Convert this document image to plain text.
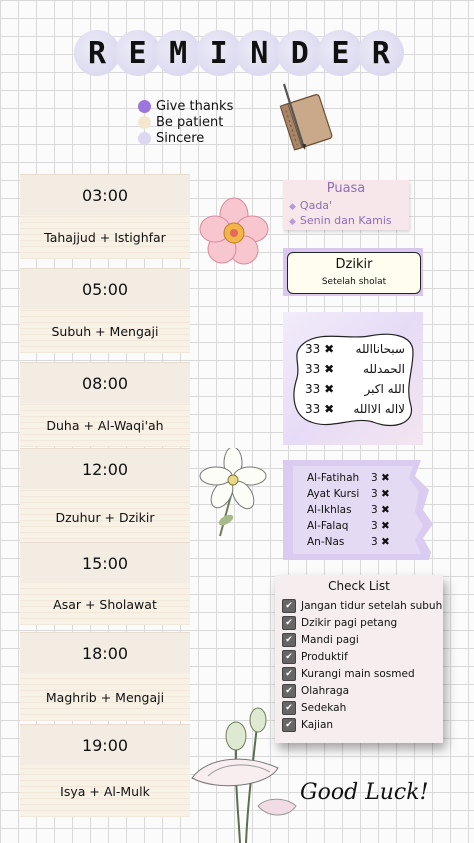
R E M I N D E R
Give thanks
Be patient
Sincere
03:00
Tahajjud + Istighfar
05:00
Subuh + Mengaji
08:00
Duha + Al-Waqi'ah
12:00
Dzuhur + Dzikir
15:00
Asar + Sholawat
18:00
Maghrib + Mengaji
19:00
Isya + Al-Mulk
Puasa
◆ Qada'
◆ Senin dan Kamis
Dzikir
Setelah sholat
33 ✖ سبحاناالله
33 ✖ الحمدلله
33 ✖	الله اكبر
33 ✖ لااله الاالله
Al-Fatihah	3 ✖
Ayat Kursi	3 ✖
Al-Ikhlas	3 ✖
Al-Falaq	3 ✖
An-Nas	3 ✖
Check List
✔ Jangan tidur setelah subuh
✔ Dzikir pagi petang
✔ Mandi pagi
✔ Produktif
✔ Kurangi main sosmed
✔ Olahraga
✔ Sedekah
✔ Kajian
Good Luck!
